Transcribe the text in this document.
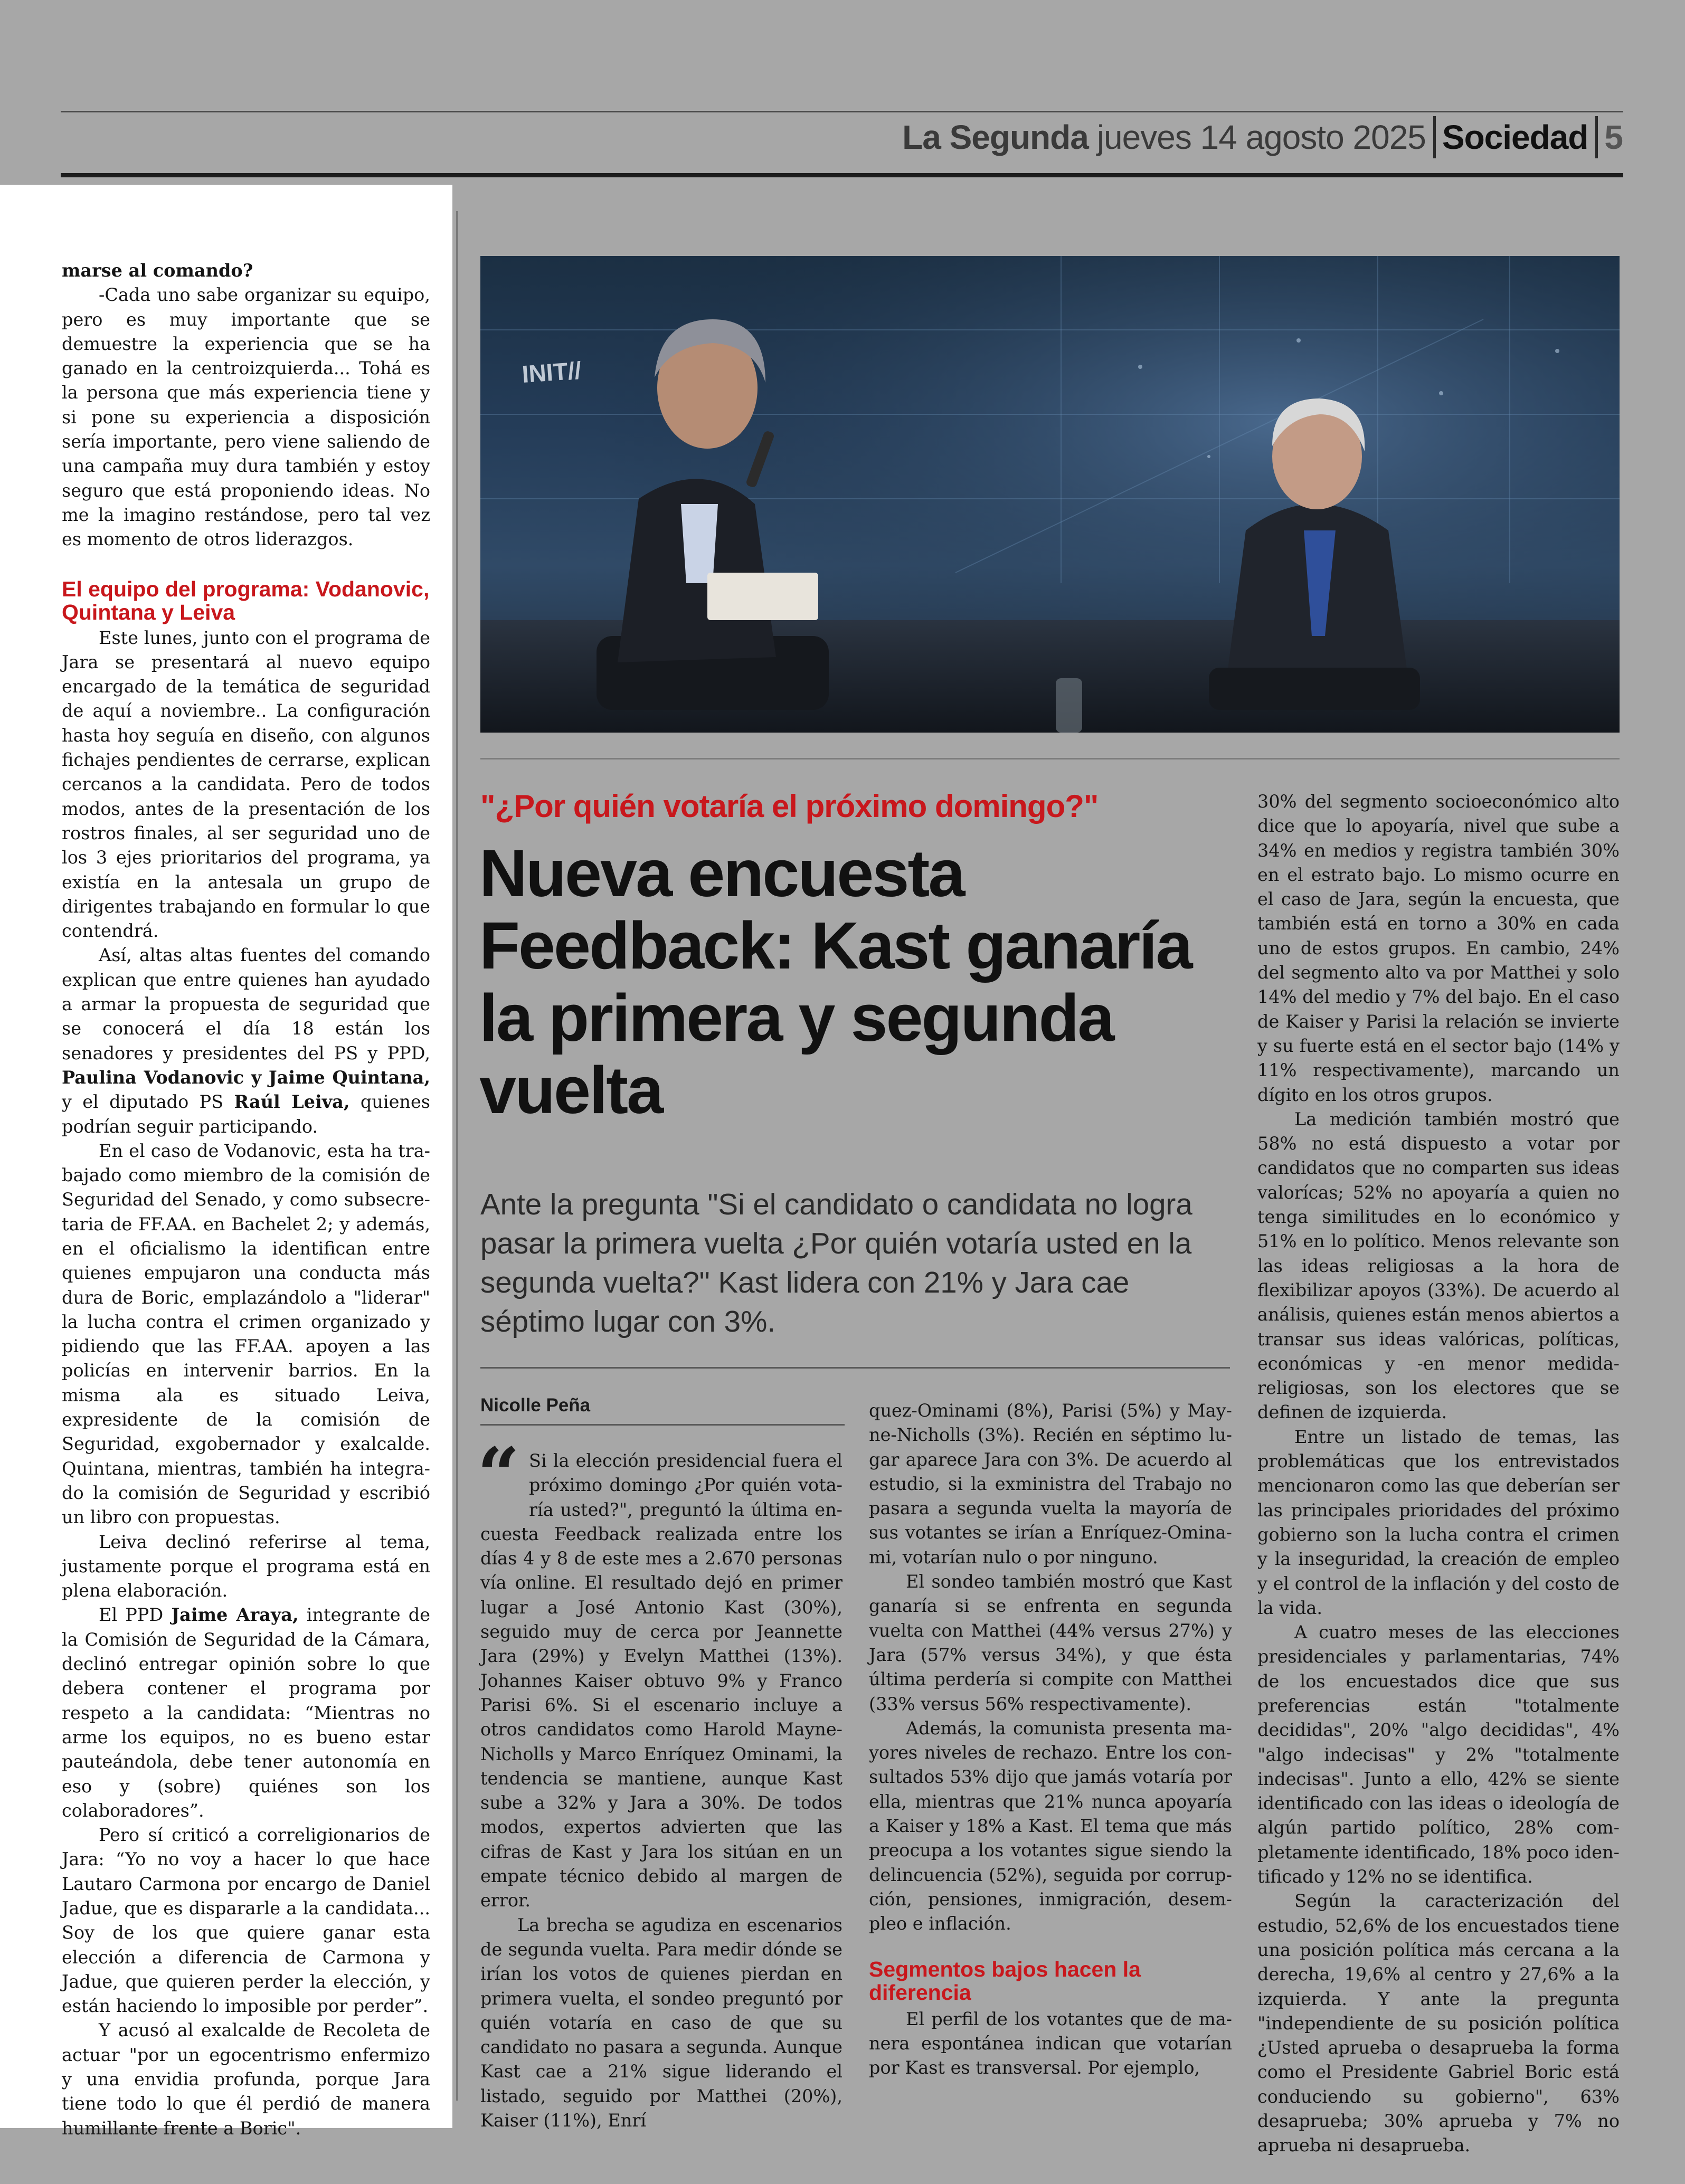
La Segunda jueves 14 agosto 2025 Sociedad 5

marse al comando?

-Cada uno sabe organizar su equipo, pero es muy importante que se demuestre la experiencia que se ha ganado en la centroizquierda... Tohá es la persona que más experiencia tiene y si pone su experiencia a disposición sería importante, pero viene saliendo de una campaña muy dura también y estoy seguro que está proponiendo ideas. No me la imagino restándose, pero tal vez es momento de otros liderazgos.

El equipo del programa: Vodanovic, Quintana y Leiva

Este lunes, junto con el programa de Jara se presentará al nuevo equipo encargado de la temática de seguridad de aquí a noviembre.. La configuración hasta hoy seguía en diseño, con algunos fichajes pendientes de cerrarse, explican cercanos a la candidata. Pero de todos modos, antes de la presentación de los rostros finales, al ser seguridad uno de los 3 ejes prioritarios del programa, ya existía en la antesala un grupo de dirigentes trabajando en formular lo que contendrá.

Así, altas altas fuentes del comando explican que entre quienes han ayudado a armar la propuesta de seguridad que se conocerá el día 18 están los senadores y presidentes del PS y PPD, Paulina Vodanovic y Jaime Quintana, y el diputado PS Raúl Leiva, quienes podrían seguir participando.

En el caso de Vodanovic, esta ha trabajado como miembro de la comisión de Seguridad del Senado, y como subsecretaria de FF.AA. en Bachelet 2; y además, en el oficialismo la identifican entre quienes empujaron una conducta más dura de Boric, emplazándolo a "liderar" la lucha contra el crimen organizado y pidiendo que las FF.AA. apoyen a las policías en intervenir barrios. En la misma ala es situado Leiva, expresidente de la comisión de Seguridad, exgobernador y exalcalde. Quintana, mientras, también ha integrado la comisión de Seguridad y escribió un libro con propuestas.

Leiva declinó referirse al tema, justamente porque el programa está en plena elaboración.

El PPD Jaime Araya, integrante de la Comisión de Seguridad de la Cámara, declinó entregar opinión sobre lo que debera contener el programa por respeto a la candidata: “Mientras no arme los equipos, no es bueno estar pauteándola, debe tener autonomía en eso y (sobre) quiénes son los colaboradores”.

Pero sí criticó a correligionarios de Jara: “Yo no voy a hacer lo que hace Lautaro Carmona por encargo de Daniel Jadue, que es dispararle a la candidata... Soy de los que quiere ganar esta elección a diferencia de Carmona y Jadue, que quieren perder la elección, y están haciendo lo imposible por perder”.

Y acusó al exalcalde de Recoleta de actuar "por un egocentrismo enfermizo y una envidia profunda, porque Jara tiene todo lo que él perdió de manera humillante frente a Boric".

INIT//
"¿Por quién votaría el próximo domingo?"
Nueva encuesta Feedback: Kast ganaría la primera y segunda vuelta
Ante la pregunta "Si el candidato o candidata no logra pasar la primera vuelta ¿Por quién votaría usted en la segunda vuelta?" Kast lidera con 21% y Jara cae séptimo lugar con 3%.
Nicolle Peña

“ Si la elección presidencial fuera el próximo domingo ¿Por quién votaría usted?", preguntó la última encuesta Feedback realizada entre los días 4 y 8 de este mes a 2.670 personas vía online. El resultado dejó en primer lugar a José Antonio Kast (30%), seguido muy de cerca por Jeannette Jara (29%) y Evelyn Matthei (13%). Johannes Kaiser obtuvo 9% y Franco Parisi 6%. Si el escenario incluye a otros candidatos como Harold Mayne-Nicholls y Marco Enríquez Ominami, la tendencia se mantiene, aunque Kast sube a 32% y Jara a 30%. De todos modos, expertos advierten que las cifras de Kast y Jara los sitúan en un empate técnico debido al margen de error.

La brecha se agudiza en escenarios de segunda vuelta. Para medir dónde se irían los votos de quienes pierdan en primera vuelta, el sondeo preguntó por quién votaría en caso de que su candidato no pasara a segunda. Aunque Kast cae a 21% sigue liderando el listado, seguido por Matthei (20%), Kaiser (11%), Enrí

quez-Ominami (8%), Parisi (5%) y Mayne-Nicholls (3%). Recién en séptimo lugar aparece Jara con 3%. De acuerdo al estudio, si la exministra del Trabajo no pasara a segunda vuelta la mayoría de sus votantes se irían a Enríquez-Ominami, votarían nulo o por ninguno.

El sondeo también mostró que Kast ganaría si se enfrenta en segunda vuelta con Matthei (44% versus 27%) y Jara (57% versus 34%), y que ésta última perdería si compite con Matthei (33% versus 56% respectivamente).

Además, la comunista presenta mayores niveles de rechazo. Entre los consultados 53% dijo que jamás votaría por ella, mientras que 21% nunca apoyaría a Kaiser y 18% a Kast. El tema que más preocupa a los votantes sigue siendo la delincuencia (52%), seguida por corrupción, pensiones, inmigración, desempleo e inflación.

Segmentos bajos hacen la diferencia

El perfil de los votantes que de manera espontánea indican que votarían por Kast es transversal. Por ejemplo,

30% del segmento socioeconómico alto dice que lo apoyaría, nivel que sube a 34% en medios y registra también 30% en el estrato bajo. Lo mismo ocurre en el caso de Jara, según la encuesta, que también está en torno a 30% en cada uno de estos grupos. En cambio, 24% del segmento alto va por Matthei y solo 14% del medio y 7% del bajo. En el caso de Kaiser y Parisi la relación se invierte y su fuerte está en el sector bajo (14% y 11% respectivamente), marcando un dígito en los otros grupos.

La medición también mostró que 58% no está dispuesto a votar por candidatos que no comparten sus ideas valorícas; 52% no apoyaría a quien no tenga similitudes en lo económico y 51% en lo político. Menos relevante son las ideas religiosas a la hora de flexibilizar apoyos (33%). De acuerdo al análisis, quienes están menos abiertos a transar sus ideas valóricas, políticas, económicas y -en menor medida- religiosas, son los electores que se definen de izquierda.

Entre un listado de temas, las problemáticas que los entrevistados mencionaron como las que deberían ser las principales prioridades del próximo gobierno son la lucha contra el crimen y la inseguridad, la creación de empleo y el control de la inflación y del costo de la vida.

A cuatro meses de las elecciones presidenciales y parlamentarias, 74% de los encuestados dice que sus preferencias están "totalmente decididas", 20% "algo decididas", 4% "algo indecisas" y 2% "totalmente indecisas". Junto a ello, 42% se siente identificado con las ideas o ideología de algún partido político, 28% completamente identificado, 18% poco identificado y 12% no se identifica.

Según la caracterización del estudio, 52,6% de los encuestados tiene una posición política más cercana a la derecha, 19,6% al centro y 27,6% a la izquierda. Y ante la pregunta "independiente de su posición política ¿Usted aprueba o desaprueba la forma como el Presidente Gabriel Boric está conduciendo su gobierno", 63% desaprueba; 30% aprueba y 7% no aprueba ni desaprueba.
